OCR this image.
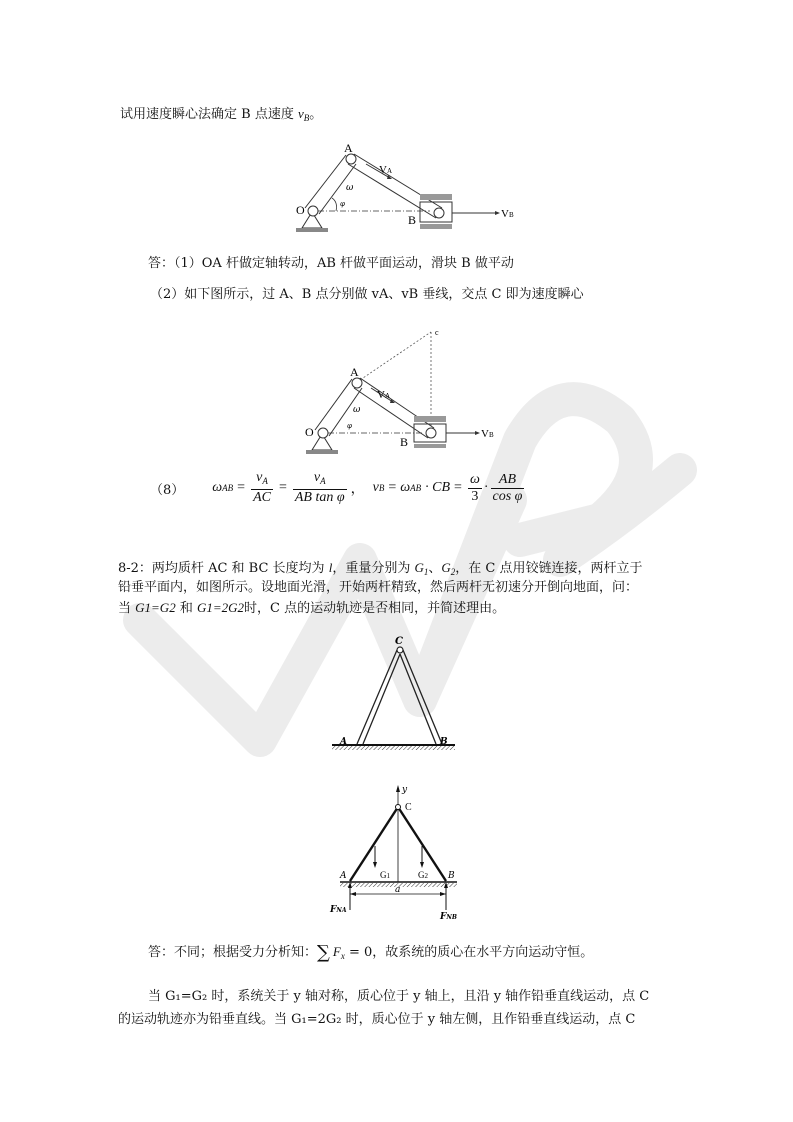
试用速度瞬心法确定 B 点速度 $v_B$。
φ
ω
A
O
B
VA
VB
答：（1）OA 杆做定轴转动，AB 杆做平面运动，滑块 B 做平动
（2）如下图所示，过 A、B 点分别做 vA、vB 垂线，交点 C 即为速度瞬心
c
φ
ω
A
O
B
VA
VB
（8） ω AB = $\frac{v_A}{AC} = \frac{v_A}{\text{AB tan φ}}$ ， v B = ω AB · CB = $\frac{\omega}{3} \cdot \frac{AB}{\text{cos φ}}$
8-2：两均质杆 AC 和 BC 长度均为 l，重量分别为 $G_1$、$G_2$，在 C 点用铰链连接，两杆立于
铅垂平面内，如图所示。设地面光滑，开始两杆精致，然后两杆无初速分开倒向地面，问：
当 G1=G2 和 G1=2G2时，C 点的运动轨迹是否相同，并简述理由。
C
A	B
y
C
G1	G2
A	B
a
FNA
FNB
答：不同；根据受力分析知：∑ $F_x = 0$，故系统的质心在水平方向运动守恒。
当 G₁=G₂ 时，系统关于 y 轴对称，质心位于 y 轴上，且沿 y 轴作铅垂直线运动，点 C
的运动轨迹亦为铅垂直线。当 G₁=2G₂ 时，质心位于 y 轴左侧，且作铅垂直线运动，点 C
